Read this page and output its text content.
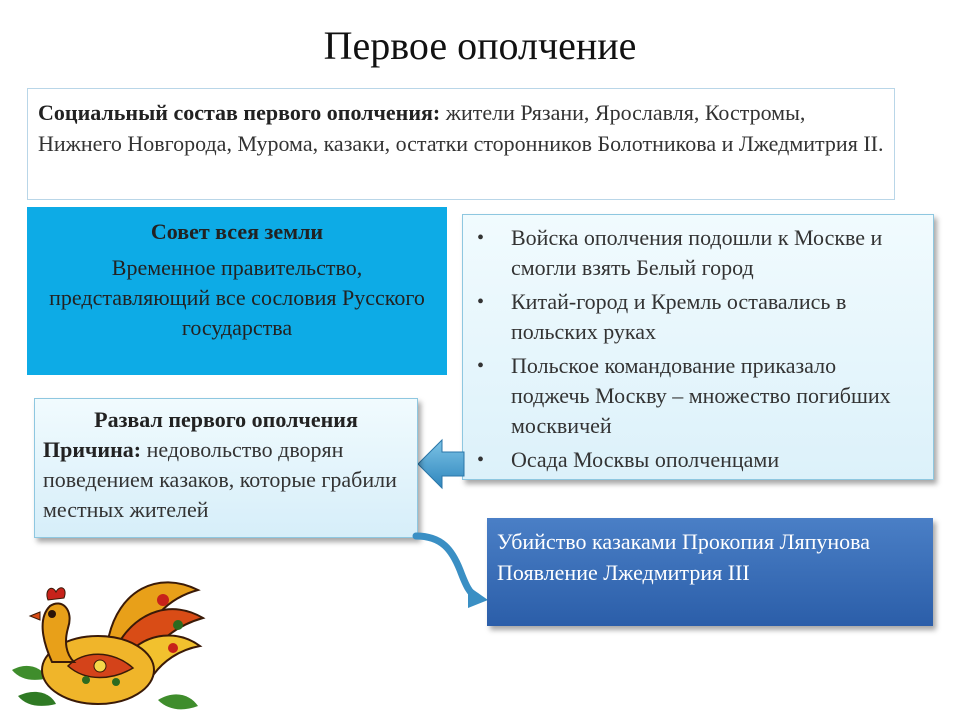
Первое ополчение
Социальный состав первого ополчения: жители Рязани, Ярославля, Костромы, Нижнего Новгорода, Мурома, казаки, остатки сторонников Болотникова и Лжедмитрия II.
Совет всея земли
Временное правительство, представляющий все сословия Русского государства
• Войска ополчения подошли к Москве и смогли взять Белый город
• Китай-город и Кремль оставались в польских руках
• Польское командование приказало поджечь Москву – множество погибших москвичей
• Осада Москвы ополченцами
Развал первого ополчения
Причина: недовольство дворян поведением казаков, которые грабили местных жителей
Убийство казаками Прокопия Ляпунова
Появление Лжедмитрия III
